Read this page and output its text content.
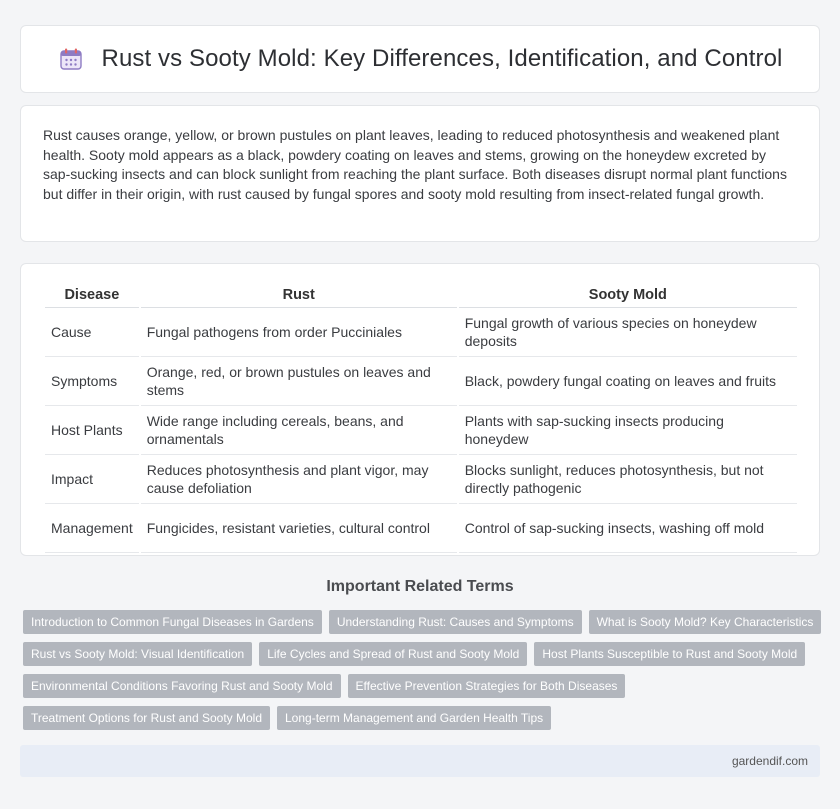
Rust vs Sooty Mold: Key Differences, Identification, and Control

Rust causes orange, yellow, or brown pustules on plant leaves, leading to reduced photosynthesis and weakened plant health. Sooty mold appears as a black, powdery coating on leaves and stems, growing on the honeydew excreted by sap-sucking insects and can block sunlight from reaching the plant surface. Both diseases disrupt normal plant functions but differ in their origin, with rust caused by fungal spores and sooty mold resulting from insect-related fungal growth.

Disease	Rust	Sooty Mold
Cause	Fungal pathogens from order Pucciniales	Fungal growth of various species on honeydew deposits
Symptoms	Orange, red, or brown pustules on leaves and stems	Black, powdery fungal coating on leaves and fruits
Host Plants	Wide range including cereals, beans, and ornamentals	Plants with sap-sucking insects producing honeydew
Impact	Reduces photosynthesis and plant vigor, may cause defoliation	Blocks sunlight, reduces photosynthesis, but not directly pathogenic
Management	Fungicides, resistant varieties, cultural control	Control of sap-sucking insects, washing off mold
Important Related Terms
Introduction to Common Fungal Diseases in Gardens	Understanding Rust: Causes and Symptoms	What is Sooty Mold? Key Characteristics
Rust vs Sooty Mold: Visual Identification	Life Cycles and Spread of Rust and Sooty Mold	Host Plants Susceptible to Rust and Sooty Mold
Environmental Conditions Favoring Rust and Sooty Mold	Effective Prevention Strategies for Both Diseases
Treatment Options for Rust and Sooty Mold	Long-term Management and Garden Health Tips
gardendif.com
